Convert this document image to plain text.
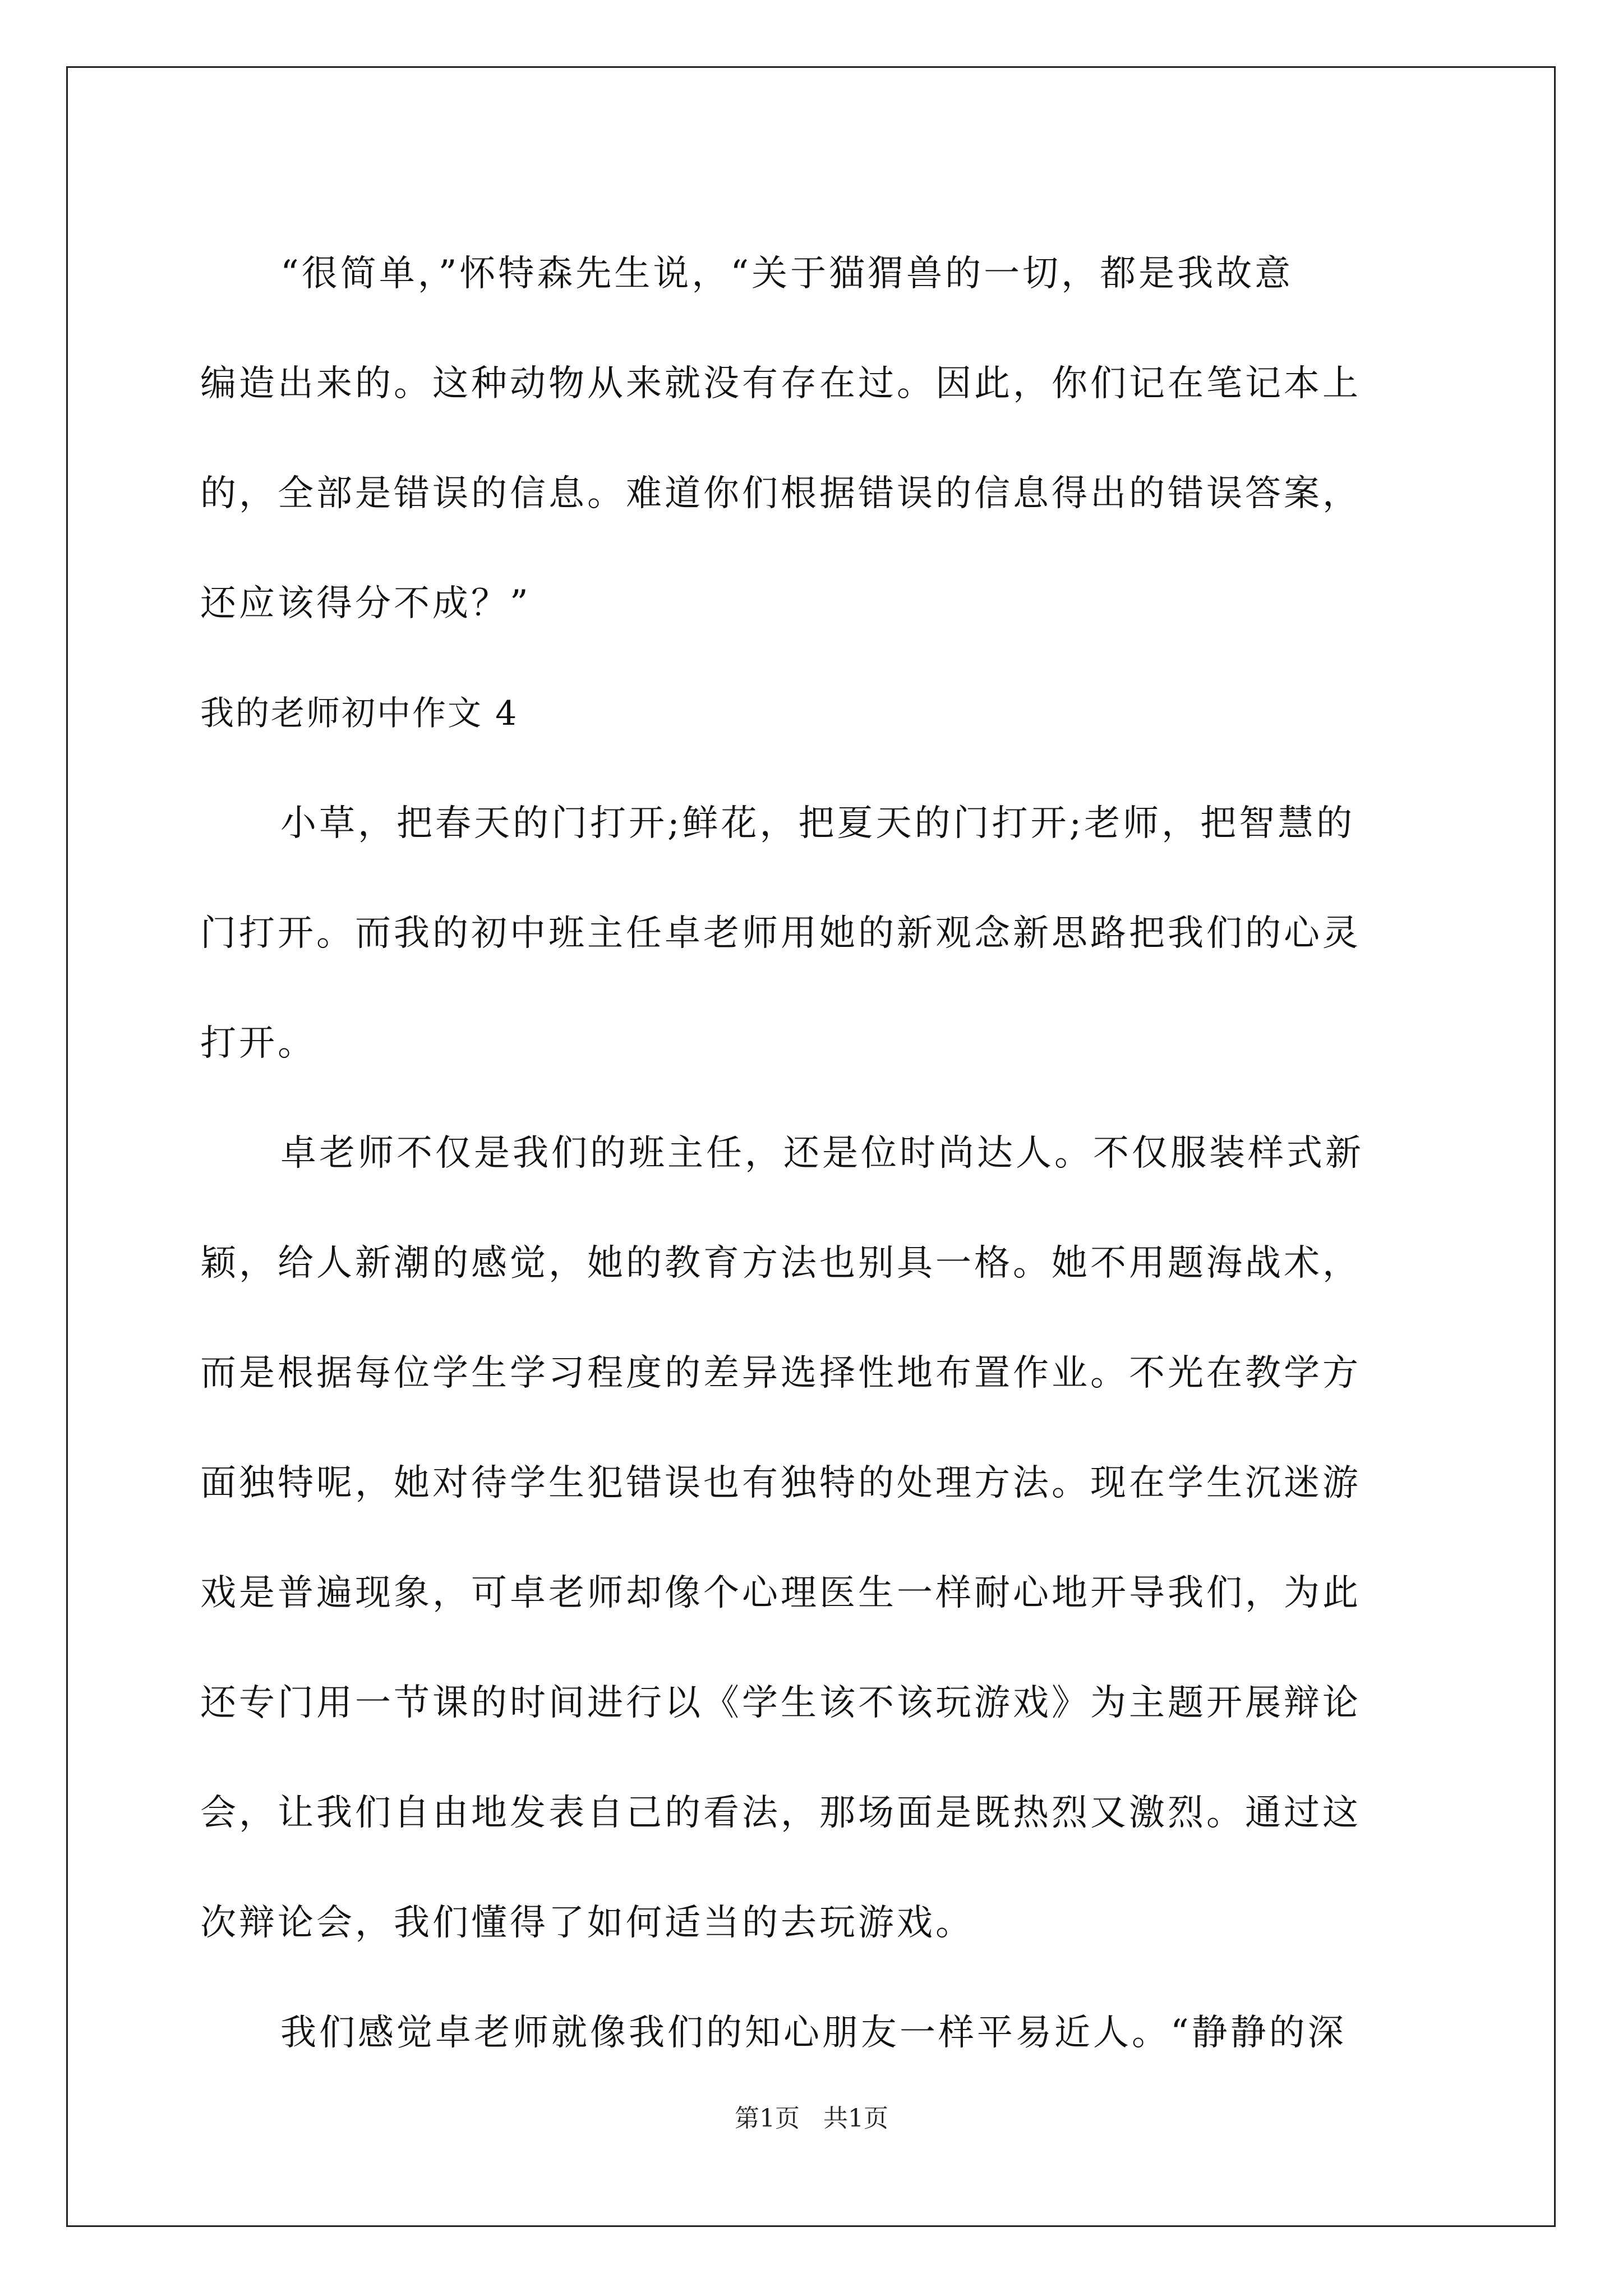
“很简单，”怀特森先生说，“关于猫猬兽的一切，都是我故意
编造出来的。这种动物从来就没有存在过。因此，你们记在笔记本上
的，全部是错误的信息。难道你们根据错误的信息得出的错误答案，
还应该得分不成？”
我的老师初中作文 4
小草，把春天的门打开;鲜花，把夏天的门打开;老师，把智慧的
门打开。而我的初中班主任卓老师用她的新观念新思路把我们的心灵
打开。
卓老师不仅是我们的班主任，还是位时尚达人。不仅服装样式新
颖，给人新潮的感觉，她的教育方法也别具一格。她不用题海战术，
而是根据每位学生学习程度的差异选择性地布置作业。不光在教学方
面独特呢，她对待学生犯错误也有独特的处理方法。现在学生沉迷游
戏是普遍现象，可卓老师却像个心理医生一样耐心地开导我们，为此
还专门用一节课的时间进行以《学生该不该玩游戏》为主题开展辩论
会，让我们自由地发表自己的看法，那场面是既热烈又激烈。通过这
次辩论会，我们懂得了如何适当的去玩游戏。
我们感觉卓老师就像我们的知心朋友一样平易近人。“静静的深
第1页   共1页
